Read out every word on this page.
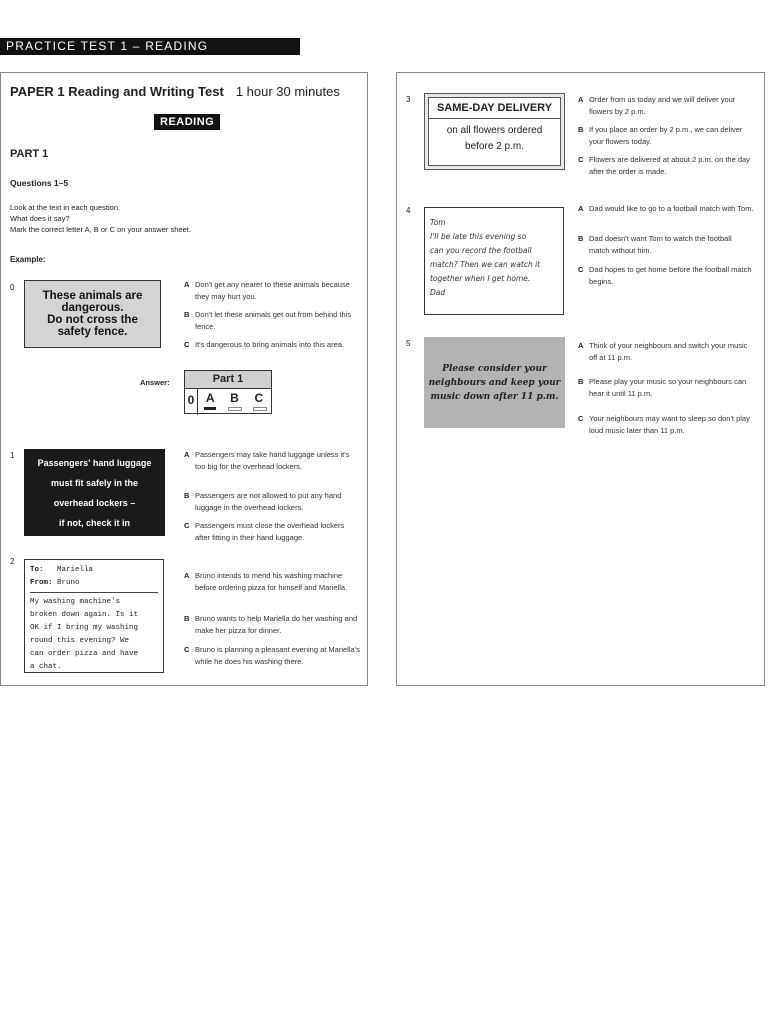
PRACTICE TEST 1 – READING
PAPER 1 Reading and Writing Test 1 hour 30 minutes
READING
PART 1
Questions 1–5
Look at the text in each question.
What does it say?
Mark the correct letter A, B or C on your answer sheet.
Example:
0
These animals are
dangerous.
Do not cross the
safety fence.
A Don't get any nearer to these animals because they may hurt you.
B Don't let these animals get out from behind this fence.
C It's dangerous to bring animals into this area.
Answer:	Part 1
0 A	B	C
1
Passengers' hand luggage
must fit safely in the
overhead lockers –
if not, check it in
A Passengers may take hand luggage unless it's too big for the overhead lockers.
B Passengers are not allowed to put any hand luggage in the overhead lockers.
C Passengers must close the overhead lockers after fitting in their hand luggage.
2
To: Mariella
From: Bruno
My washing machine's
broken down again. Is it
OK if I bring my washing
round this evening? We
can order pizza and have
a chat.
A Bruno intends to mend his washing machine before ordering pizza for himself and Mariella.
B Bruno wants to help Mariella do her washing and make her pizza for dinner.
C Bruno is planning a pleasant evening at Mariella's while he does his washing there.
3
SAME-DAY DELIVERY
on all flowers ordered
before 2 p.m.
A Order from us today and we will deliver your flowers by 2 p.m.
B If you place an order by 2 p.m., we can deliver your flowers today.
C Flowers are delivered at about 2 p.m. on the day after the order is made.
4
Tom
I'll be late this evening so
can you record the football
match? Then we can watch it
together when I get home.
Dad
A Dad would like to go to a football match with Tom.
B Dad doesn't want Tom to watch the football match without him.
C Dad hopes to get home before the football match begins.
5
Please consider your
neighbours and keep your
music down after 11 p.m.
A Think of your neighbours and switch your music off at 11 p.m.
B Please play your music so your neighbours can hear it until 11 p.m.
C Your neighbours may want to sleep so don't play loud music later than 11 p.m.
